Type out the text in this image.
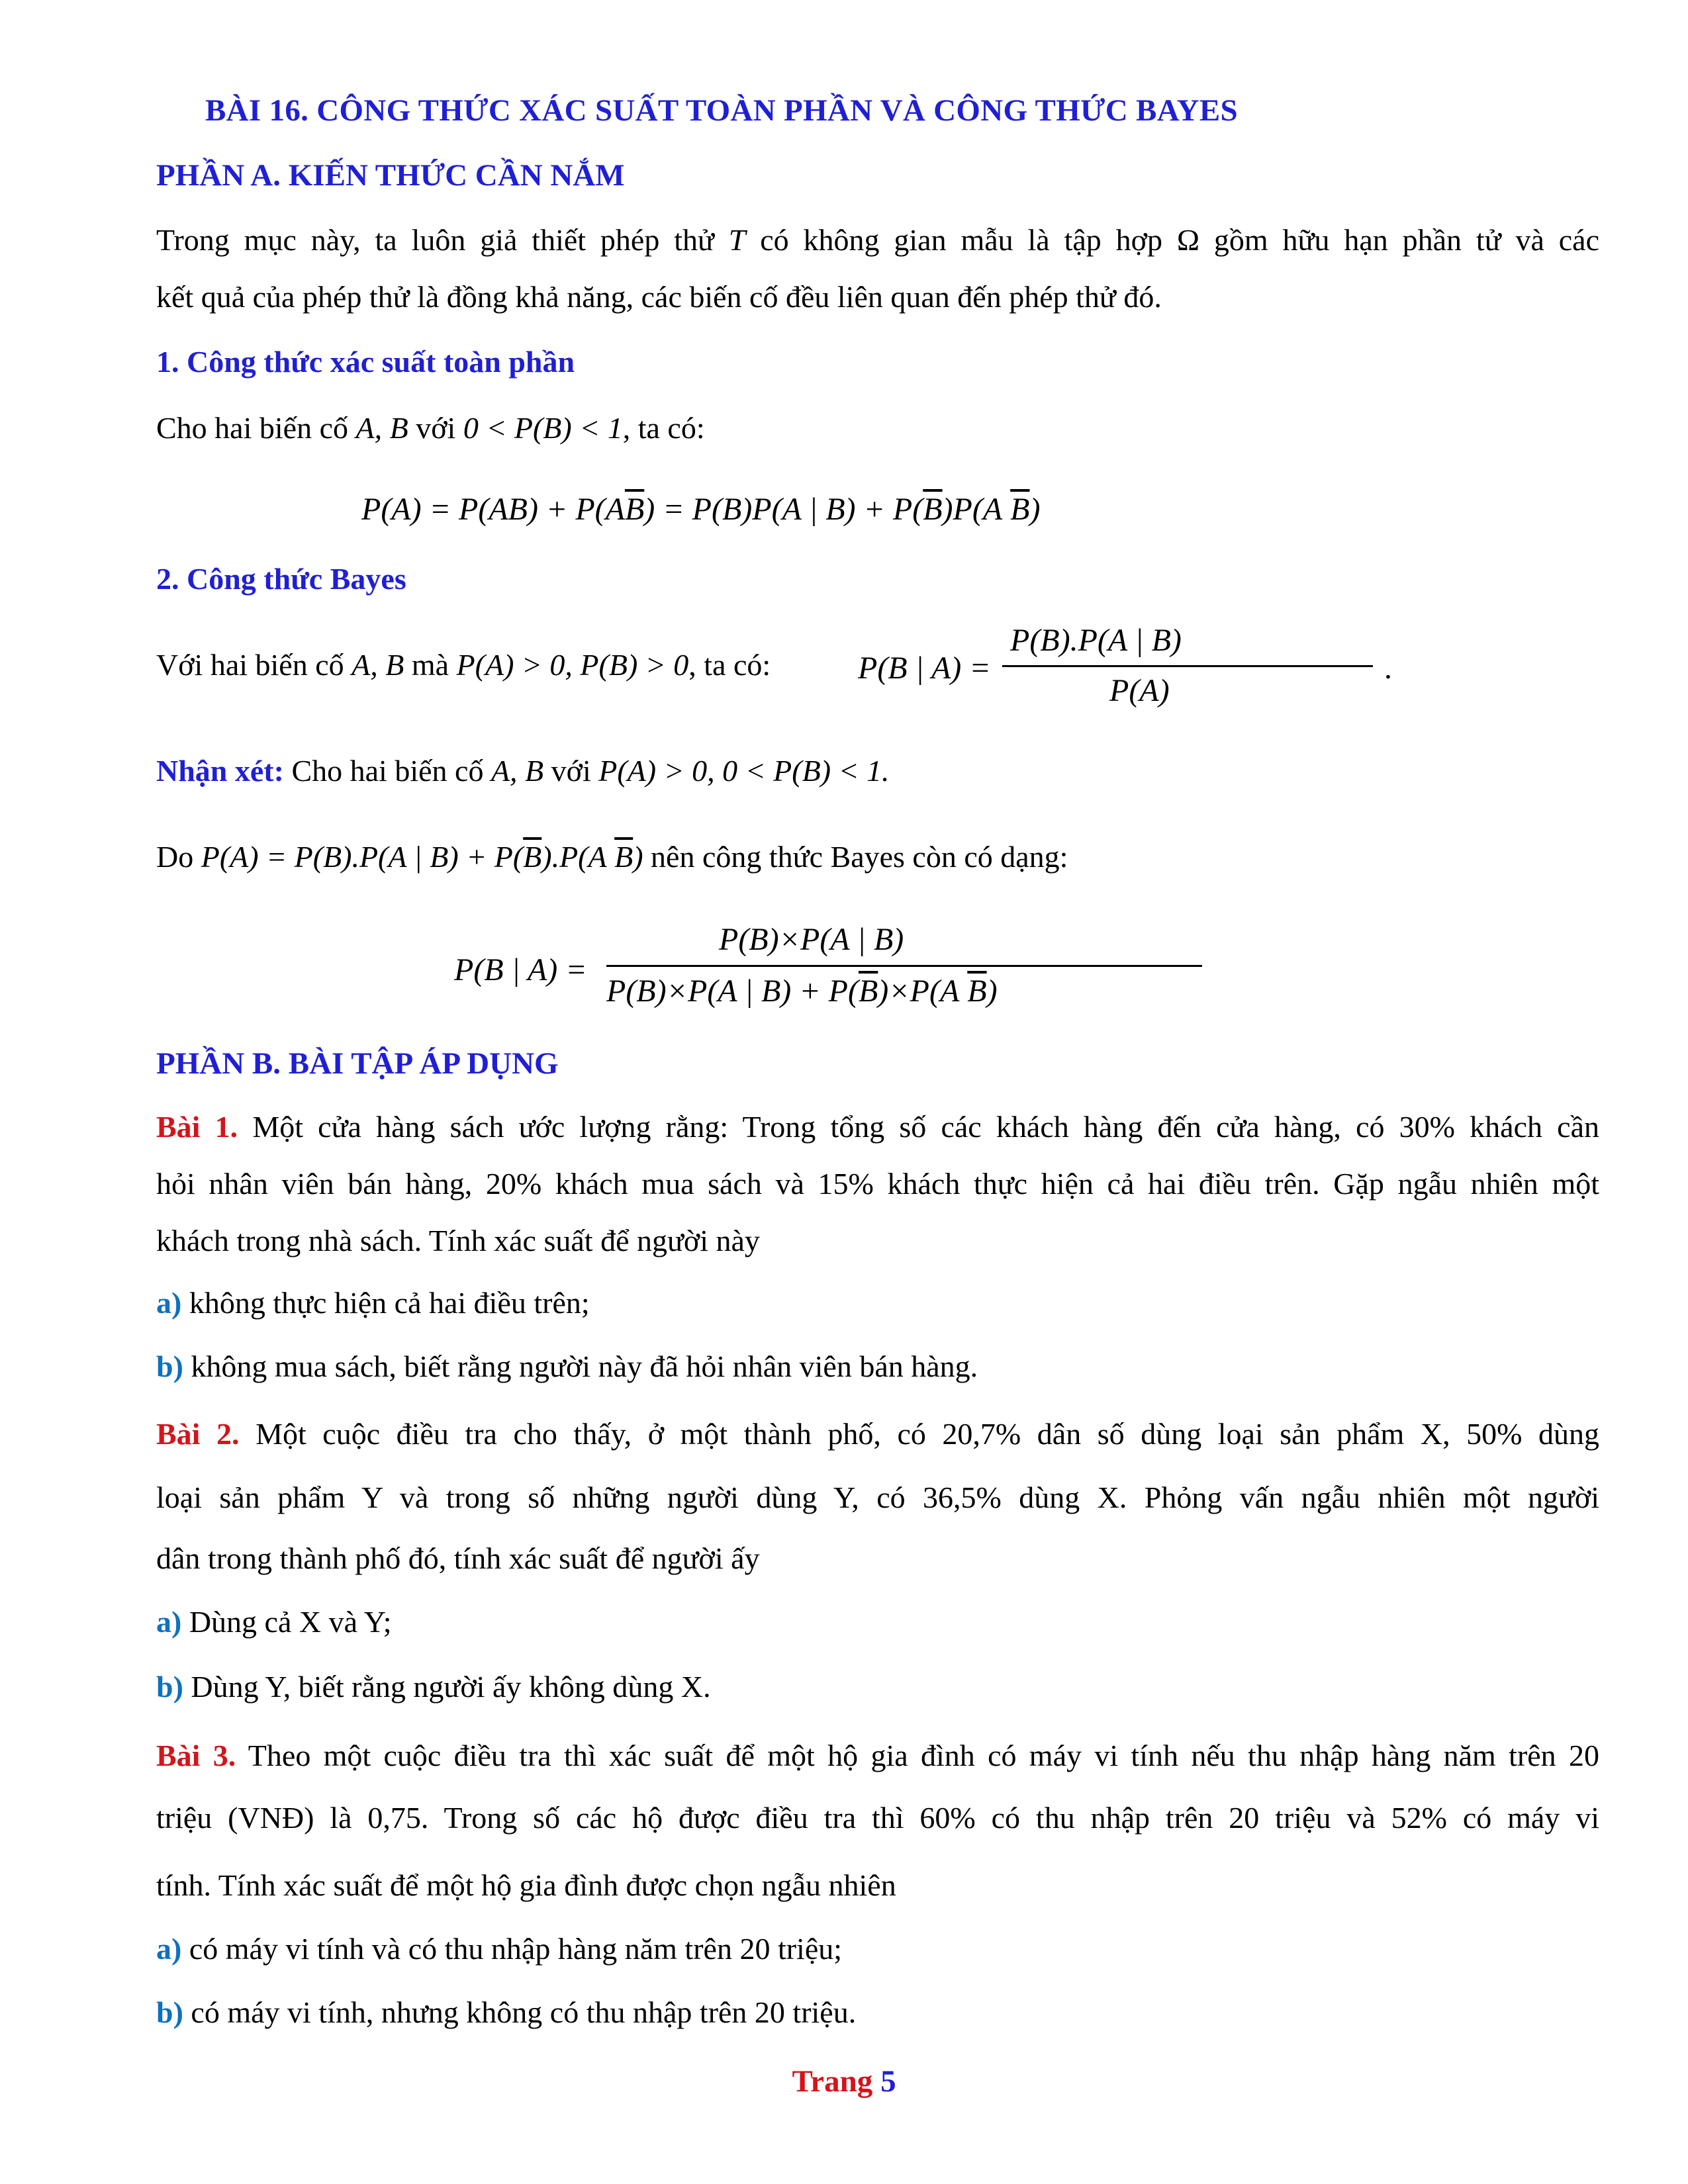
BÀI 16. CÔNG THỨC XÁC SUẤT TOÀN PHẦN VÀ CÔNG THỨC BAYES
PHẦN A. KIẾN THỨC CẦN NẮM
Trong mục này, ta luôn giả thiết phép thử T có không gian mẫu là tập hợp Ω gồm hữu hạn phần tử và các
kết quả của phép thử là đồng khả năng, các biến cố đều liên quan đến phép thử đó.
1. Công thức xác suất toàn phần
Cho hai biến cố A, B với 0 < P(B) < 1, ta có:
$P(A) = P(AB) + P(A\overline{B}) = P(B)P(A$ | $B) + P(\overline{B})P(A$ $\overline{B}$)
2. Công thức Bayes
Với hai biến cố A, B mà P(A) > 0, P(B) > 0, ta có:	P(B | A) =
P(B).P(A | B)
P(A)
.
Nhận xét: Cho hai biến cố A, B với P(A) > 0, 0 < P(B) < 1.
Do P(A) = P(B).P(A | $B) + P(\overline{B}).P(A$ $\overline{B}$) nên công thức Bayes còn có dạng:
P(B | A) =
P(B)×P(A | B)
P(B)×P(A | $B) + P(\overline{B})\times P(A$ $\overline{B}$)
PHẦN B. BÀI TẬP ÁP DỤNG
Bài 1. Một cửa hàng sách ước lượng rằng: Trong tổng số các khách hàng đến cửa hàng, có 30% khách cần
hỏi nhân viên bán hàng, 20% khách mua sách và 15% khách thực hiện cả hai điều trên. Gặp ngẫu nhiên một
khách trong nhà sách. Tính xác suất để người này
a) không thực hiện cả hai điều trên;
b) không mua sách, biết rằng người này đã hỏi nhân viên bán hàng.
Bài 2. Một cuộc điều tra cho thấy, ở một thành phố, có 20,7% dân số dùng loại sản phẩm X, 50% dùng
loại sản phẩm Y và trong số những người dùng Y, có 36,5% dùng X. Phỏng vấn ngẫu nhiên một người
dân trong thành phố đó, tính xác suất để người ấy
a) Dùng cả X và Y;
b) Dùng Y, biết rằng người ấy không dùng X.
Bài 3. Theo một cuộc điều tra thì xác suất để một hộ gia đình có máy vi tính nếu thu nhập hàng năm trên 20
triệu (VNĐ) là 0,75. Trong số các hộ được điều tra thì 60% có thu nhập trên 20 triệu và 52% có máy vi
tính. Tính xác suất để một hộ gia đình được chọn ngẫu nhiên
a) có máy vi tính và có thu nhập hàng năm trên 20 triệu;
b) có máy vi tính, nhưng không có thu nhập trên 20 triệu.
Trang 5
